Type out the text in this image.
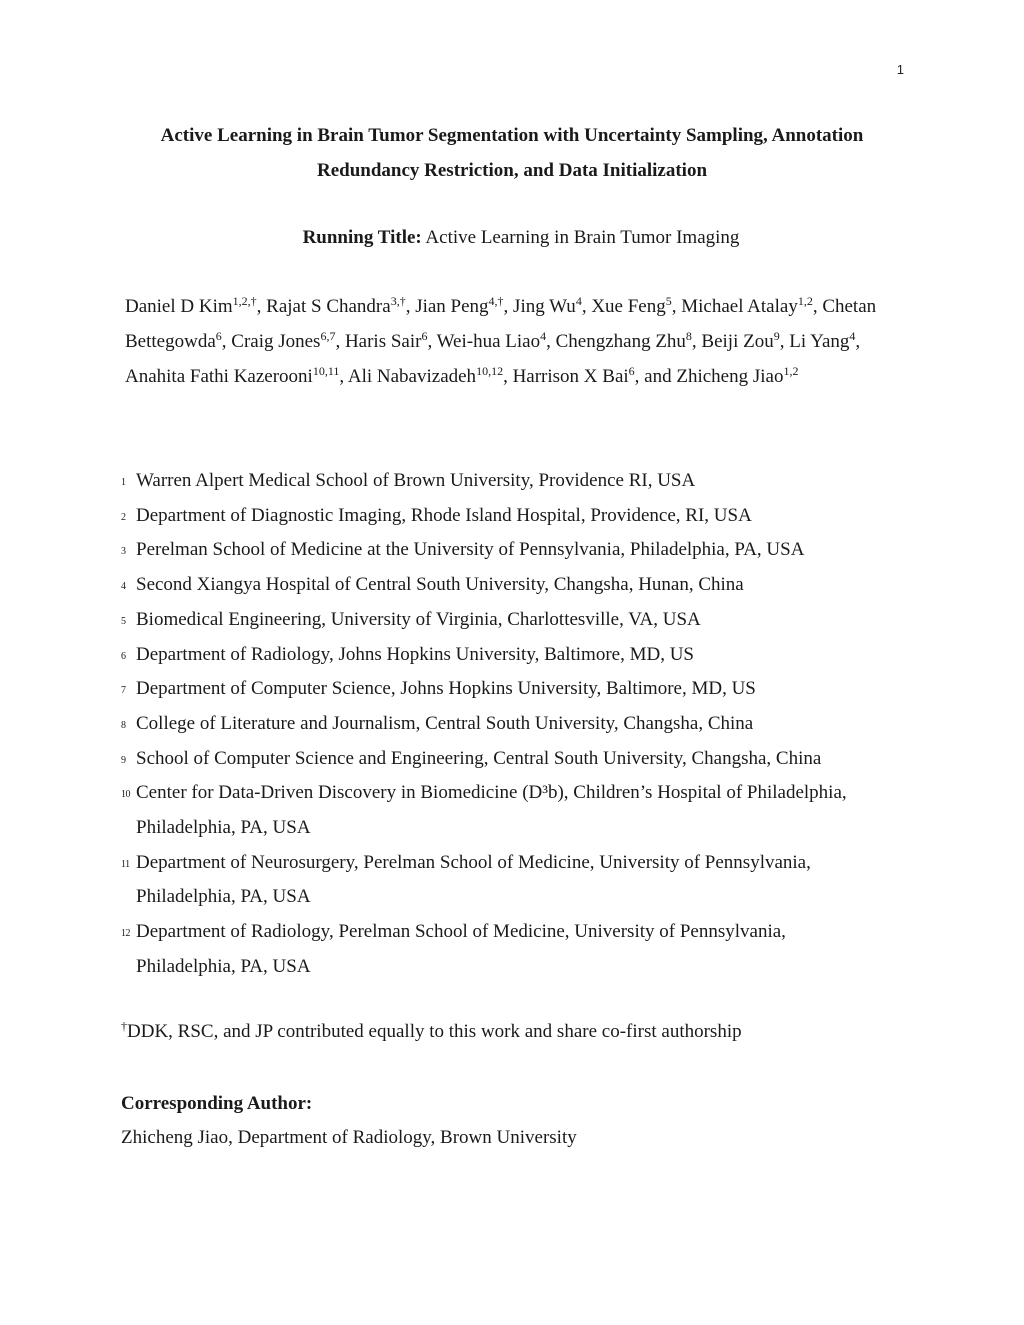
1
Active Learning in Brain Tumor Segmentation with Uncertainty Sampling, Annotation
Redundancy Restriction, and Data Initialization
Running Title: Active Learning in Brain Tumor Imaging
Daniel D Kim$^{1,2,\dagger}$, Rajat S Chandra$^{3,\dagger}$, Jian Peng$^{4,\dagger}$, Jing Wu$^4$, Xue Feng$^5$, Michael Atalay$^{1,2}$, Chetan Bettegowda$^6$, Craig Jones$^{6,7}$, Haris Sair$^6$, Wei-hua Liao$^4$, Chengzhang Zhu$^8$, Beiji Zou$^9$, Li Yang$^4$, Anahita Fathi Kazerooni$^{10,11}$, Ali Nabavizadeh$^{10,12}$, Harrison X Bai$^6$, and Zhicheng Jiao$^{1,2}$
1 Warren Alpert Medical School of Brown University, Providence RI, USA
2 Department of Diagnostic Imaging, Rhode Island Hospital, Providence, RI, USA
3 Perelman School of Medicine at the University of Pennsylvania, Philadelphia, PA, USA
4 Second Xiangya Hospital of Central South University, Changsha, Hunan, China
5 Biomedical Engineering, University of Virginia, Charlottesville, VA, USA
6 Department of Radiology, Johns Hopkins University, Baltimore, MD, US
7 Department of Computer Science, Johns Hopkins University, Baltimore, MD, US
8 College of Literature and Journalism, Central South University, Changsha, China
9 School of Computer Science and Engineering, Central South University, Changsha, China
10 Center for Data-Driven Discovery in Biomedicine (D³b), Children’s Hospital of Philadelphia,
Philadelphia, PA, USA
11 Department of Neurosurgery, Perelman School of Medicine, University of Pennsylvania,
Philadelphia, PA, USA
12 Department of Radiology, Perelman School of Medicine, University of Pennsylvania,
Philadelphia, PA, USA
†DDK, RSC, and JP contributed equally to this work and share co-first authorship
Corresponding Author:
Zhicheng Jiao, Department of Radiology, Brown University
